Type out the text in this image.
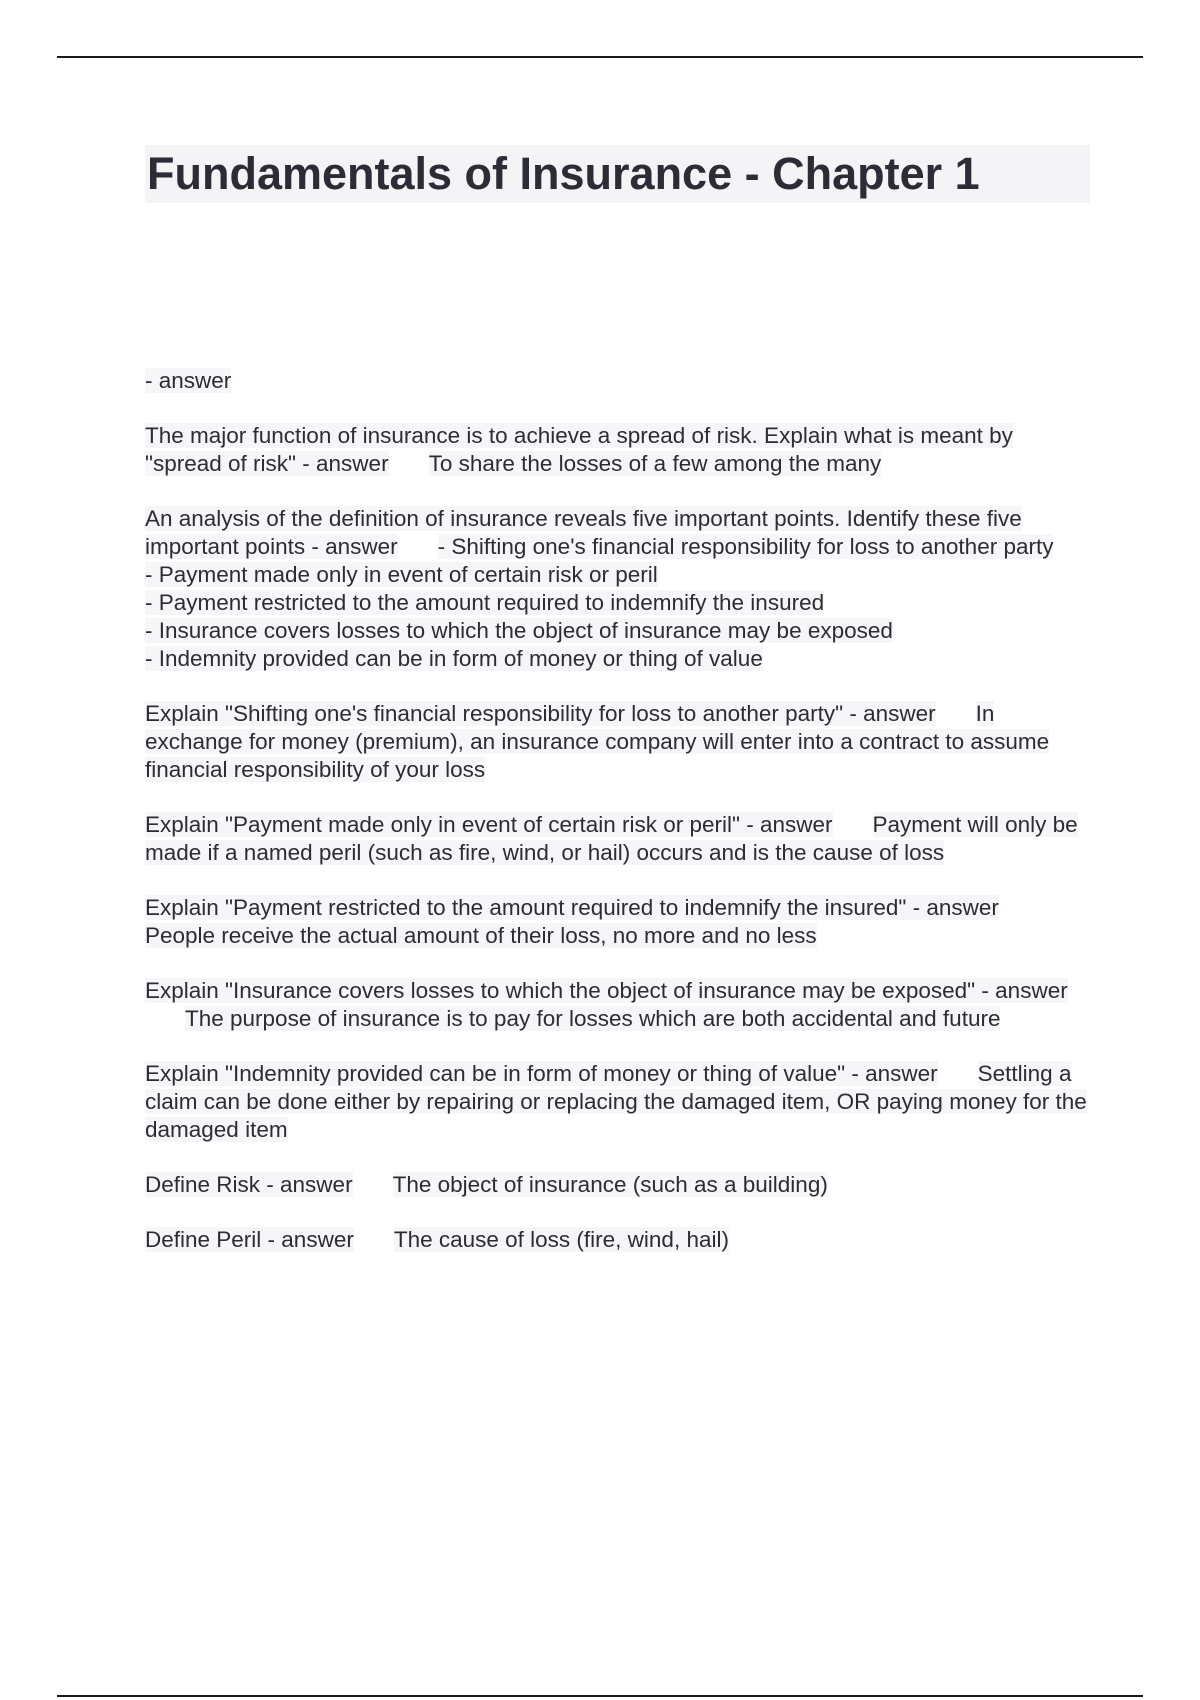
Fundamentals of Insurance - Chapter 1

- answer

The major function of insurance is to achieve a spread of risk. Explain what is meant by "spread of risk" - answer To share the losses of a few among the many

An analysis of the definition of insurance reveals five important points. Identify these five important points - answer - Shifting one's financial responsibility for loss to another party
- Payment made only in event of certain risk or peril
- Payment restricted to the amount required to indemnify the insured
- Insurance covers losses to which the object of insurance may be exposed
- Indemnity provided can be in form of money or thing of value

Explain "Shifting one's financial responsibility for loss to another party" - answer In exchange for money (premium), an insurance company will enter into a contract to assume financial responsibility of your loss

Explain "Payment made only in event of certain risk or peril" - answer Payment will only be made if a named peril (such as fire, wind, or hail) occurs and is the cause of loss

Explain "Payment restricted to the amount required to indemnify the insured" - answerPeople receive the actual amount of their loss, no more and no less

Explain "Insurance covers losses to which the object of insurance may be exposed" - answerThe purpose of insurance is to pay for losses which are both accidental and future

Explain "Indemnity provided can be in form of money or thing of value" - answer Settling a claim can be done either by repairing or replacing the damaged item, OR paying money for the damaged item

Define Risk - answer The object of insurance (such as a building)

Define Peril - answer The cause of loss (fire, wind, hail)
